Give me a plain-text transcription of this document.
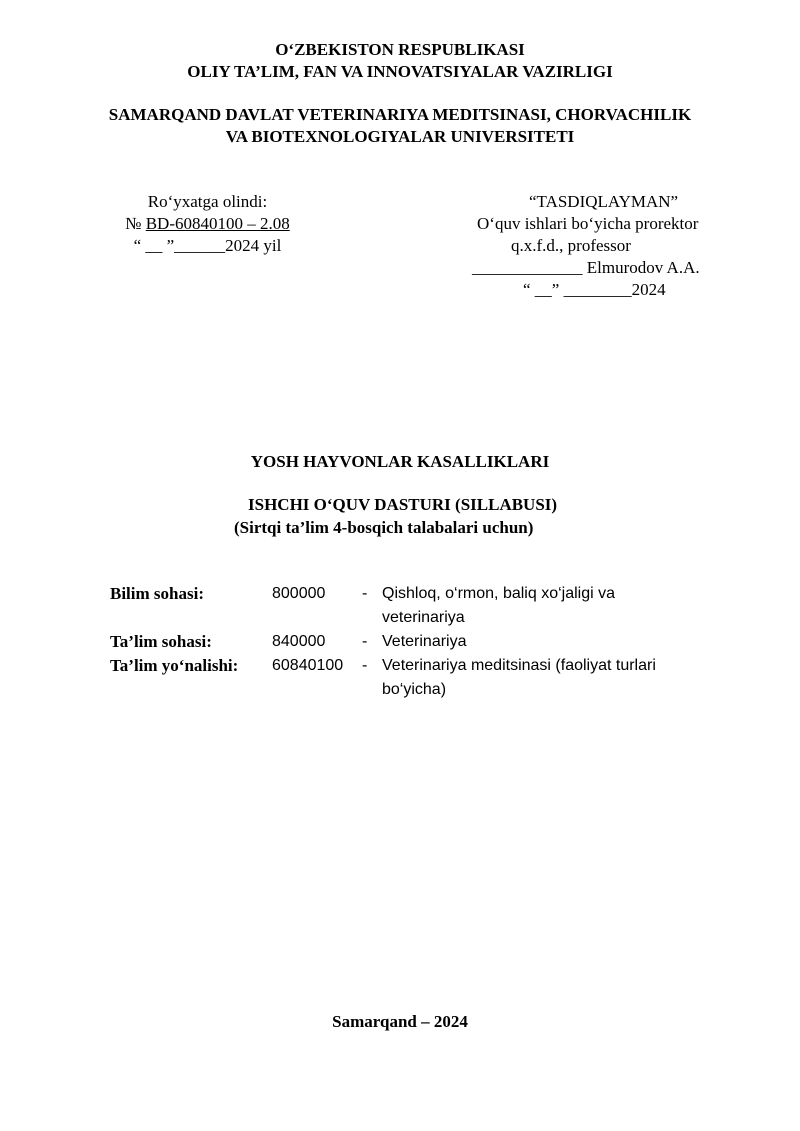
O‘ZBEKISTON RESPUBLIKASI
OLIY TA’LIM, FAN VA INNOVATSIYALAR VAZIRLIGI
SAMARQAND DAVLAT VETERINARIYA MEDITSINASI, CHORVACHILIK
VA BIOTEXNOLOGIYALAR UNIVERSITETI
Ro‘yxatga olindi:
№ BD-60840100 – 2.08
“ __ ”______2024 yil
“TASDIQLAYMAN”
O‘quv ishlari bo‘yicha prorektor
q.x.f.d., professor
_____________ Elmurodov A.A.
“ __” ________2024
YOSH HAYVONLAR KASALLIKLARI
ISHCHI O‘QUV DASTURI (SILLABUSI)
(Sirtqi ta’lim 4-bosqich talabalari uchun)
Bilim sohasi:	800000	-	Qishloq, o‘rmon, baliq xo‘jaligi va veterinariya
Ta’lim sohasi:	840000	-	Veterinariya
Ta’lim yo‘nalishi:	60840100	-	Veterinariya meditsinasi (faoliyat turlari bo‘yicha)
Samarqand – 2024
